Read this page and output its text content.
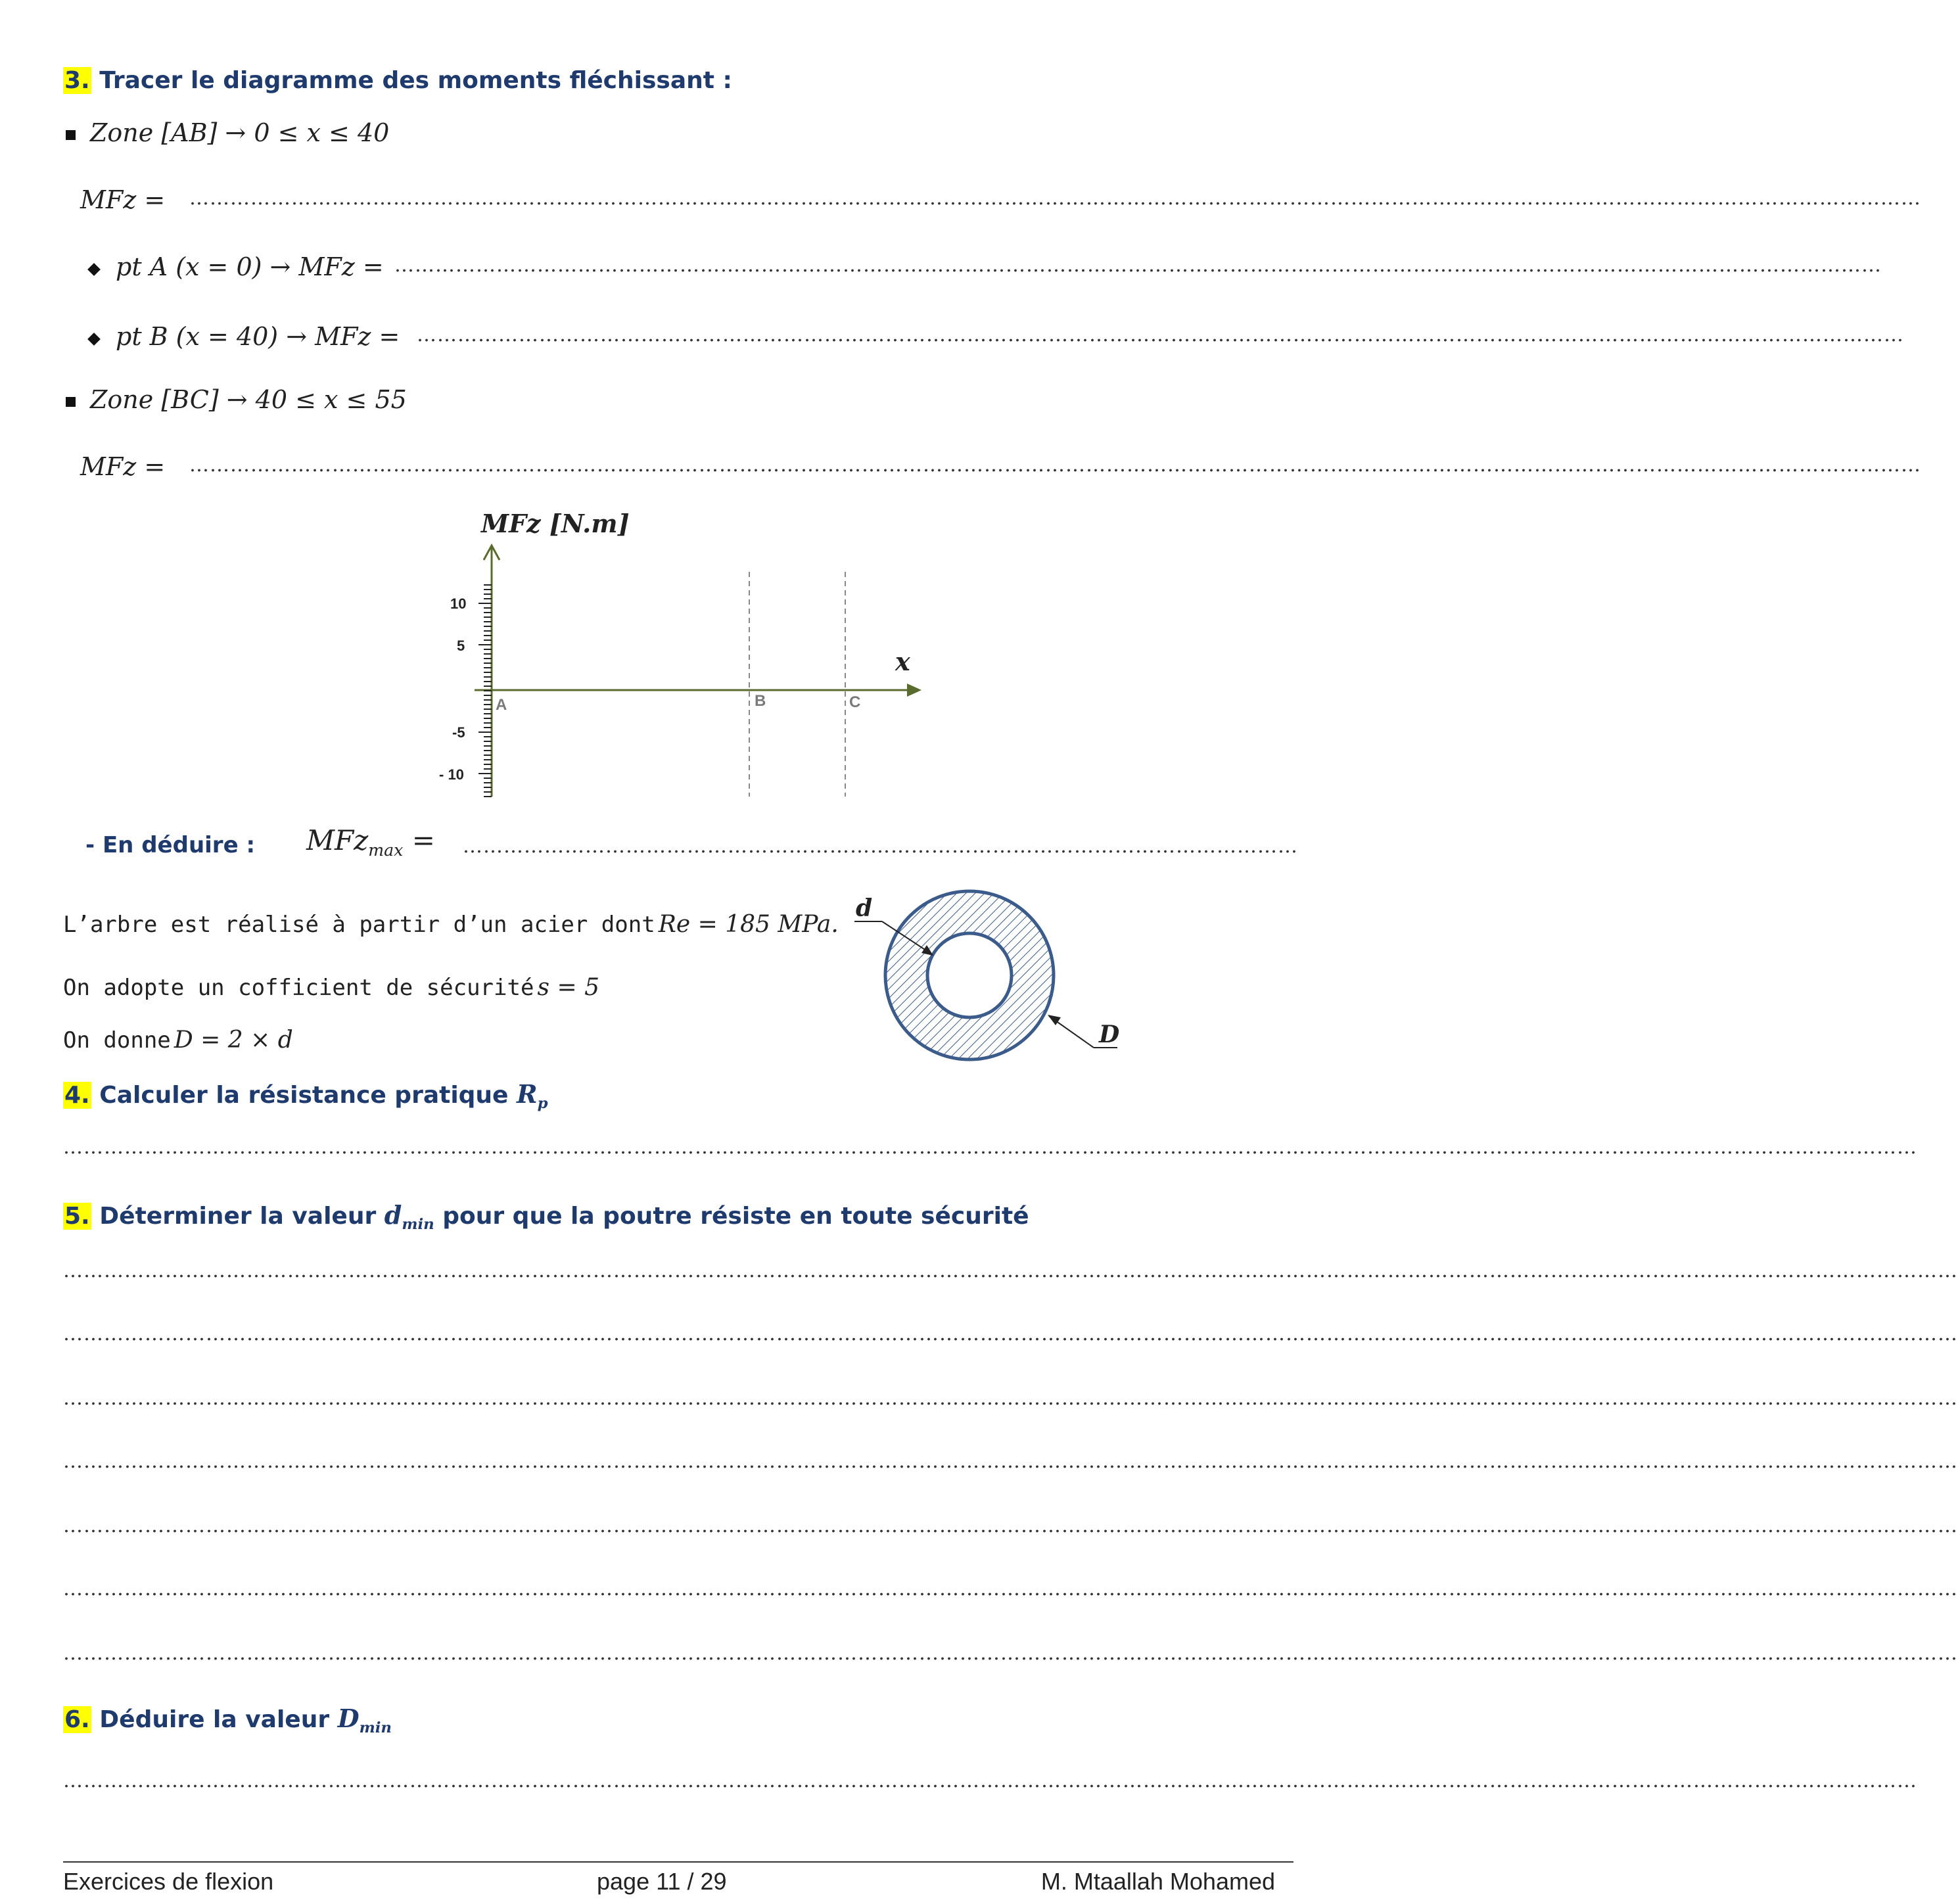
3. Tracer le diagramme des moments fléchissant :
Zone [AB] → 0 ≤ x ≤ 40
MFz = …………………………………………………………………………………………………………………………………………………………………………………………………………………………………
pt A (x = 0) → MFz = …………………………………………………………………………………………………………………………………………………………………………………………………
pt B (x = 40) → MFz = …………………………………………………………………………………………………………………………………………………………………………………………………
Zone [BC] → 40 ≤ x ≤ 55
MFz = …………………………………………………………………………………………………………………………………………………………………………………………………………………………………
MFz [N.m]
x
10
5
-5
- 10
A	B	C
- En déduire : MFz$_{max}$ = ……………………………………………………………………………………………………………
L’arbre est réalisé à partir d’un acier dont Re = 185 MPa.
On adopte un cofficient de sécurité s = 5
On donne D = 2 × d
d
D
4. Calculer la résistance pratique $R_p$
…………………………………………………………………………………………………………………………………………………………………………………………………………………………………………………
5. Déterminer la valeur $d_{min}$ pour que la poutre résiste en toute sécurité
………………………………………………………………………………………………………………………………………………………………………………………………………………………………………………………
………………………………………………………………………………………………………………………………………………………………………………………………………………………………………………………
………………………………………………………………………………………………………………………………………………………………………………………………………………………………………………………
………………………………………………………………………………………………………………………………………………………………………………………………………………………………………………………
………………………………………………………………………………………………………………………………………………………………………………………………………………………………………………………
………………………………………………………………………………………………………………………………………………………………………………………………………………………………………………………
………………………………………………………………………………………………………………………………………………………………………………………………………………………………………………………
6. Déduire la valeur $D_{min}$
…………………………………………………………………………………………………………………………………………………………………………………………………………………………………………………
Exercices de flexion	page 11 / 29	M. Mtaallah Mohamed
